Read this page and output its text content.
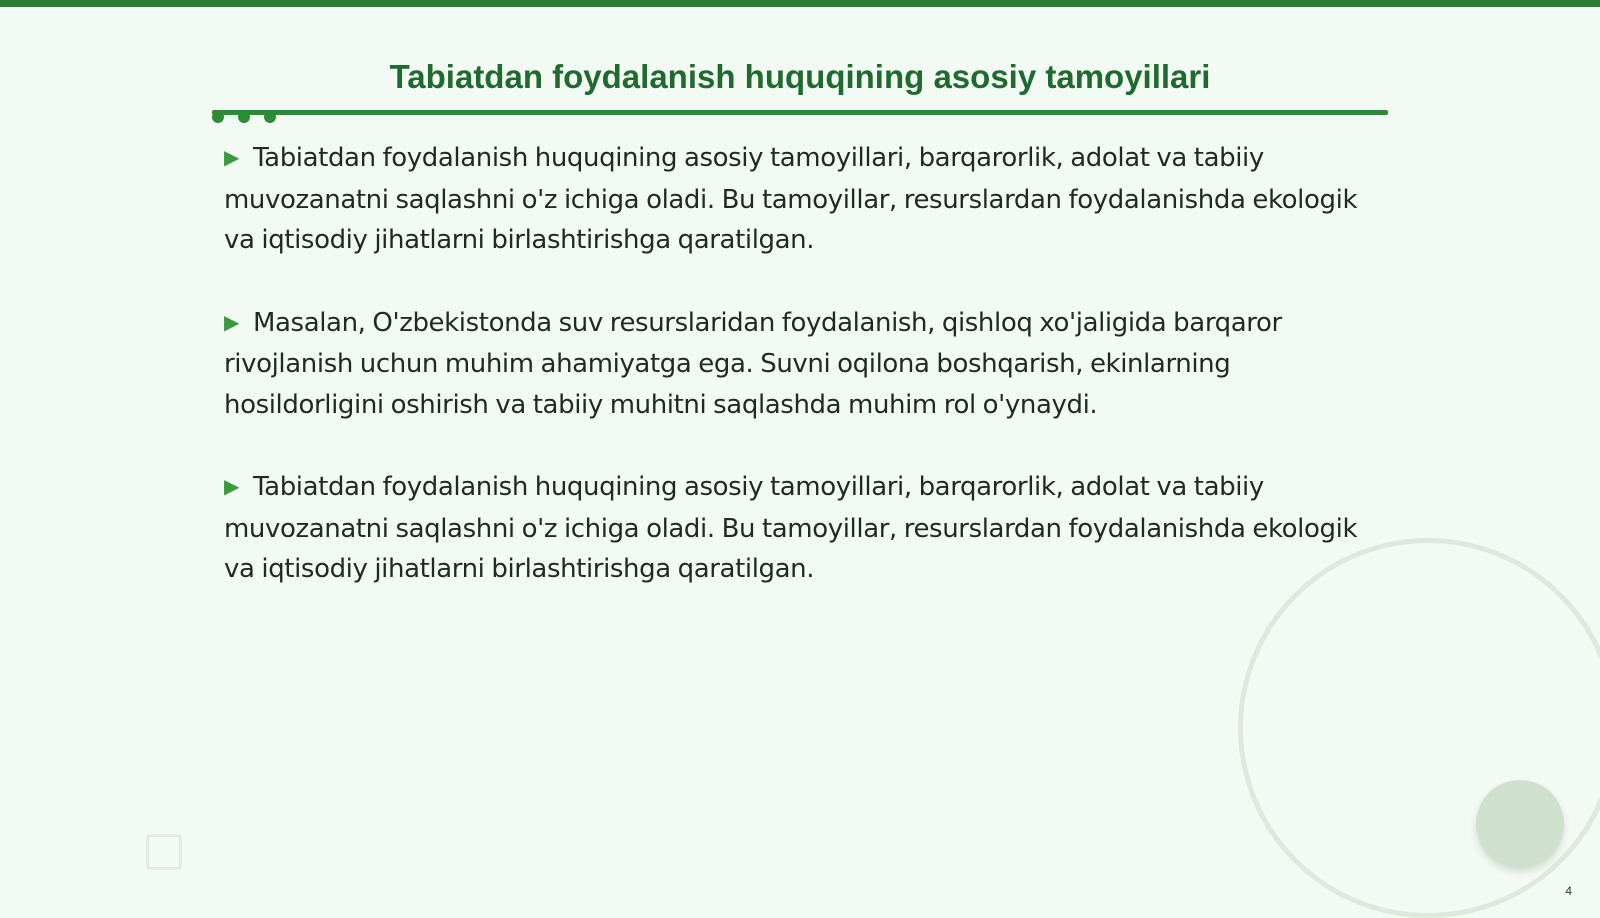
Tabiatdan foydalanish huquqining asosiy tamoyillari

▶ Tabiatdan foydalanish huquqining asosiy tamoyillari, barqarorlik, adolat va tabiiy muvozanatni saqlashni o'z ichiga oladi. Bu tamoyillar, resurslardan foydalanishda ekologik va iqtisodiy jihatlarni birlashtirishga qaratilgan.

▶ Masalan, O'zbekistonda suv resurslaridan foydalanish, qishloq xo'jaligida barqaror rivojlanish uchun muhim ahamiyatga ega. Suvni oqilona boshqarish, ekinlarning hosildorligini oshirish va tabiiy muhitni saqlashda muhim rol o'ynaydi.

▶ Tabiatdan foydalanish huquqining asosiy tamoyillari, barqarorlik, adolat va tabiiy muvozanatni saqlashni o'z ichiga oladi. Bu tamoyillar, resurslardan foydalanishda ekologik va iqtisodiy jihatlarni birlashtirishga qaratilgan.

4
